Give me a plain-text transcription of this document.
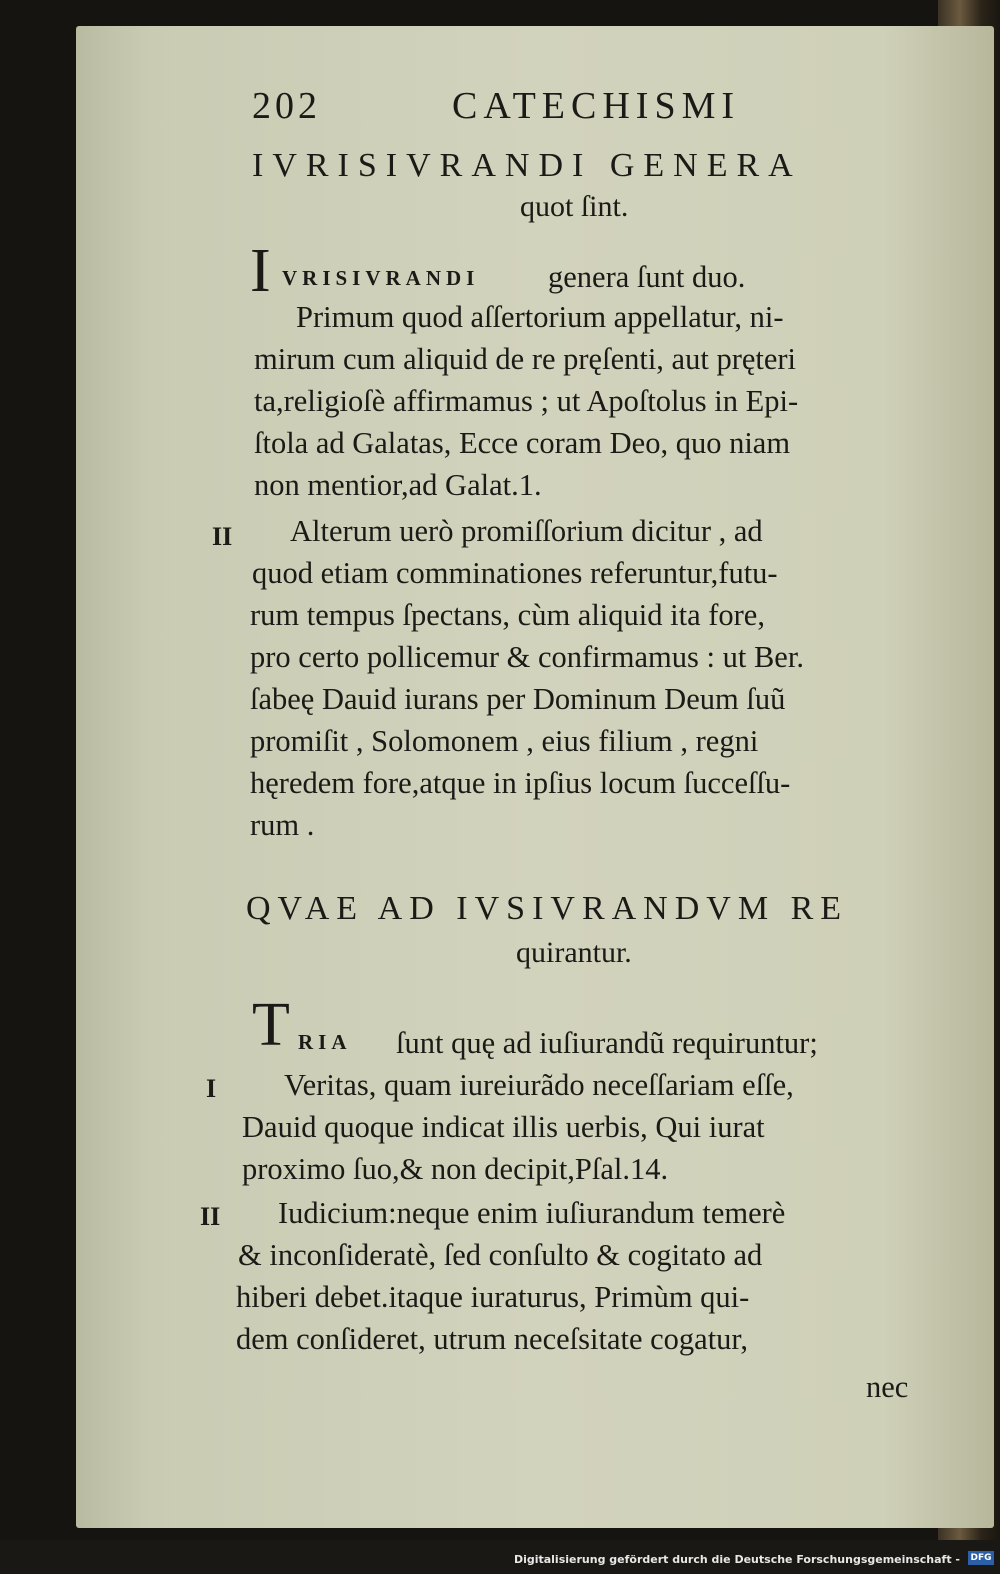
202	CATECHISMI
IVRISIVRANDI GENERA
quot ſint.
I VRISIVRANDI genera ſunt duo.
Primum quod aſſertorium appellatur, ni-
mirum cum aliquid de re pręſenti, aut pręteri
ta,religioſè affirmamus ; ut Apoſtolus in Epi-
ſtola ad Galatas, Ecce coram Deo, quo niam
non mentior,ad Galat.1.
II Alterum uerò promiſſorium dicitur , ad
quod etiam comminationes referuntur,futu-
rum tempus ſpectans, cùm aliquid ita fore,
pro certo pollicemur & confirmamus : ut Ber.
ſabeę Dauid iurans per Dominum Deum ſuũ
promiſit , Solomonem , eius filium , regni
hęredem fore,atque in ipſius locum ſucceſſu-
rum .
QVAE AD IVSIVRANDVM RE
quirantur.
T RIA ſunt quę ad iuſiurandũ requiruntur;
I Veritas, quam iureiurãdo neceſſariam eſſe,
Dauid quoque indicat illis uerbis, Qui iurat
proximo ſuo,& non decipit,Pſal.14.
II Iudicium:neque enim iuſiurandum temerè
& inconſideratè, ſed conſulto & cogitato ad
hiberi debet.itaque iuraturus, Primùm qui-
dem conſideret, utrum neceſsitate cogatur,
nec
Digitalisierung gefördert durch die Deutsche Forschungsgemeinschaft - DFG
